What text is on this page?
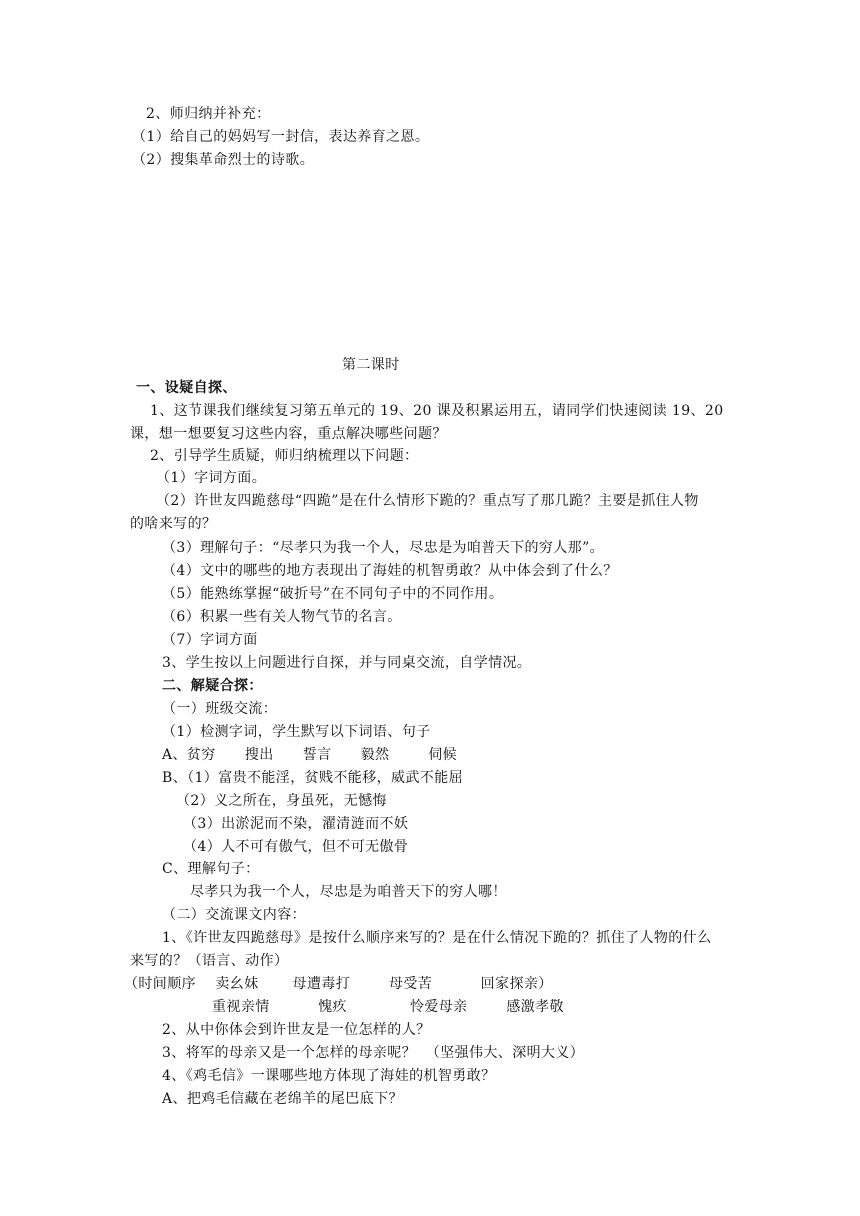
2、师归纳并补充：
（1）给自己的妈妈写一封信，表达养育之恩。
（2）搜集革命烈士的诗歌。
第二课时
一、设疑自探、
1、这节课我们继续复习第五单元的 19、20 课及积累运用五，请同学们快速阅读 19、20
课，想一想要复习这些内容，重点解决哪些问题？
2、引导学生质疑，师归纳梳理以下问题：
（1）字词方面。
（2）许世友四跪慈母“四跪”是在什么情形下跪的？重点写了那几跪？主要是抓住人物
的啥来写的？
（3）理解句子：“尽孝只为我一个人，尽忠是为咱普天下的穷人那”。
（4）文中的哪些的地方表现出了海娃的机智勇敢？从中体会到了什么？
（5）能熟练掌握“破折号”在不同句子中的不同作用。
（6）积累一些有关人物气节的名言。
（7）字词方面
3、学生按以上问题进行自探，并与同桌交流，自学情况。
二、解疑合探：
（一）班级交流：
（1）检测字词，学生默写以下词语、句子
A、贫穷      搜出      誓言      毅然        伺候
B、（1）富贵不能淫，贫贱不能移，威武不能屈
（2）义之所在，身虽死，无憾悔
（3）出淤泥而不染，濯清涟而不妖
（4）人不可有傲气，但不可无傲骨
C、理解句子：
尽孝只为我一个人，尽忠是为咱普天下的穷人哪！
（二）交流课文内容：
1、《许世友四跪慈母》是按什么顺序来写的？是在什么情况下跪的？抓住了人物的什么
来写的？（语言、动作）
（时间顺序    卖幺妹       母遭毒打        母受苦          回家探亲）
重视亲情          愧疚             怜爱母亲        感激孝敬
2、从中你体会到许世友是一位怎样的人？
3、将军的母亲又是一个怎样的母亲呢？  （坚强伟大、深明大义）
4、《鸡毛信》一课哪些地方体现了海娃的机智勇敢？
A、把鸡毛信藏在老绵羊的尾巴底下？
